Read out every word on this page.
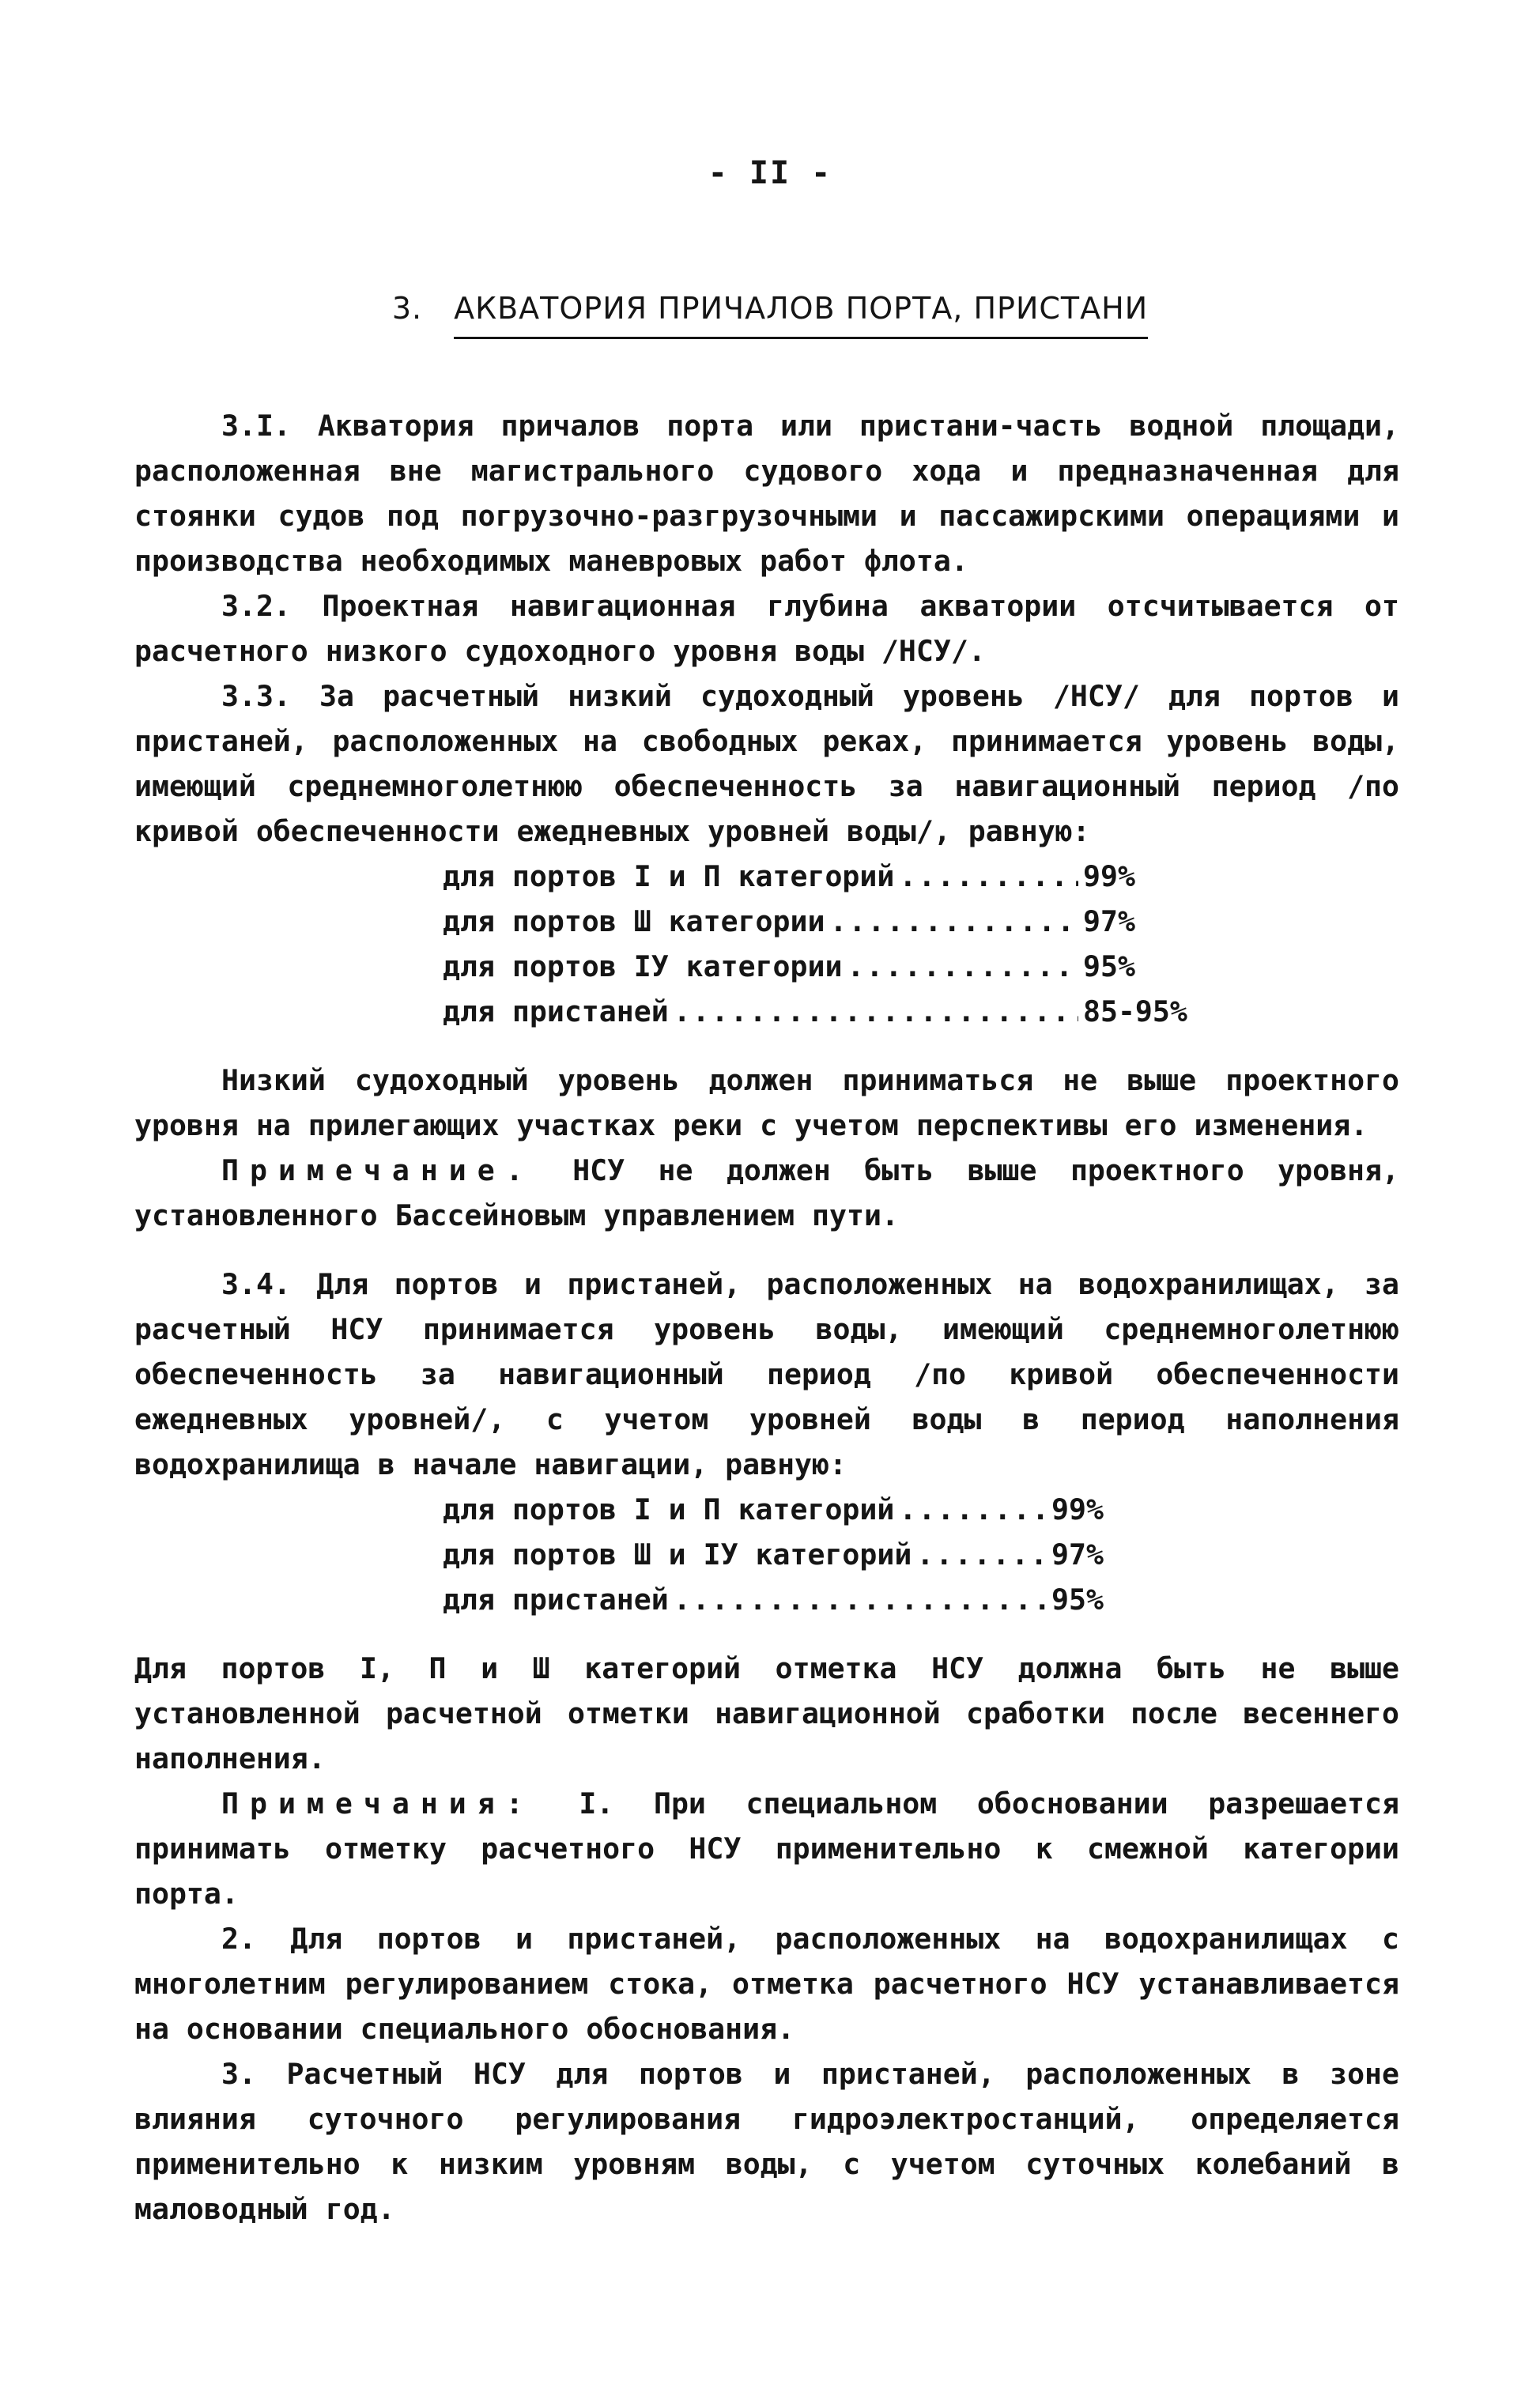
- II -
3. АКВАТОРИЯ ПРИЧАЛОВ ПОРТА, ПРИСТАНИ

3.I. Акватория причалов порта или пристани-часть водной площади, расположенная вне магистрального судового хода и предназначенная для стоянки судов под погрузочно-разгрузочными и пассажирскими операциями и производства необходимых маневровых работ флота.

3.2. Проектная навигационная глубина акватории отсчитывается от расчетного низкого судоходного уровня воды /НСУ/.

3.3. За расчетный низкий судоходный уровень /НСУ/ для портов и пристаней, расположенных на свободных реках, принимается уровень воды, имеющий среднемноголетнюю обеспеченность за навигационный период /по кривой обеспеченности ежедневных уровней воды/, равную:

для портов I и П категорий .....	99%
для портов Ш категории .....	97%
для портов IУ категории .....	95%
для пристаней .....	85-95%

Низкий судоходный уровень должен приниматься не выше проектного уровня на прилегающих участках реки с учетом перспективы его изменения.

Примечание. НСУ не должен быть выше проектного уровня, установленного Бассейновым управлением пути.

3.4. Для портов и пристаней, расположенных на водохранилищах, за расчетный НСУ принимается уровень воды, имеющий среднемноголетнюю обеспеченность за навигационный период /по кривой обеспеченности ежедневных уровней/, с учетом уровней воды в период наполнения водохранилища в начале навигации, равную:

для портов I и П категорий .....	99%
для портов Ш и IУ категорий .....	97%
для пристаней .....	95%

Для портов I, П и Ш категорий отметка НСУ должна быть не выше установленной расчетной отметки навигационной сработки после весеннего наполнения.

Примечания: I. При специальном обосновании разрешается принимать отметку расчетного НСУ применительно к смежной категории порта.

2. Для портов и пристаней, расположенных на водохранилищах с многолетним регулированием стока, отметка расчетного НСУ устанавливается на основании специального обоснования.

3. Расчетный НСУ для портов и пристаней, расположенных в зоне влияния суточного регулирования гидроэлектростанций, определяется применительно к низким уровням воды, с учетом суточных колебаний в маловодный год.
